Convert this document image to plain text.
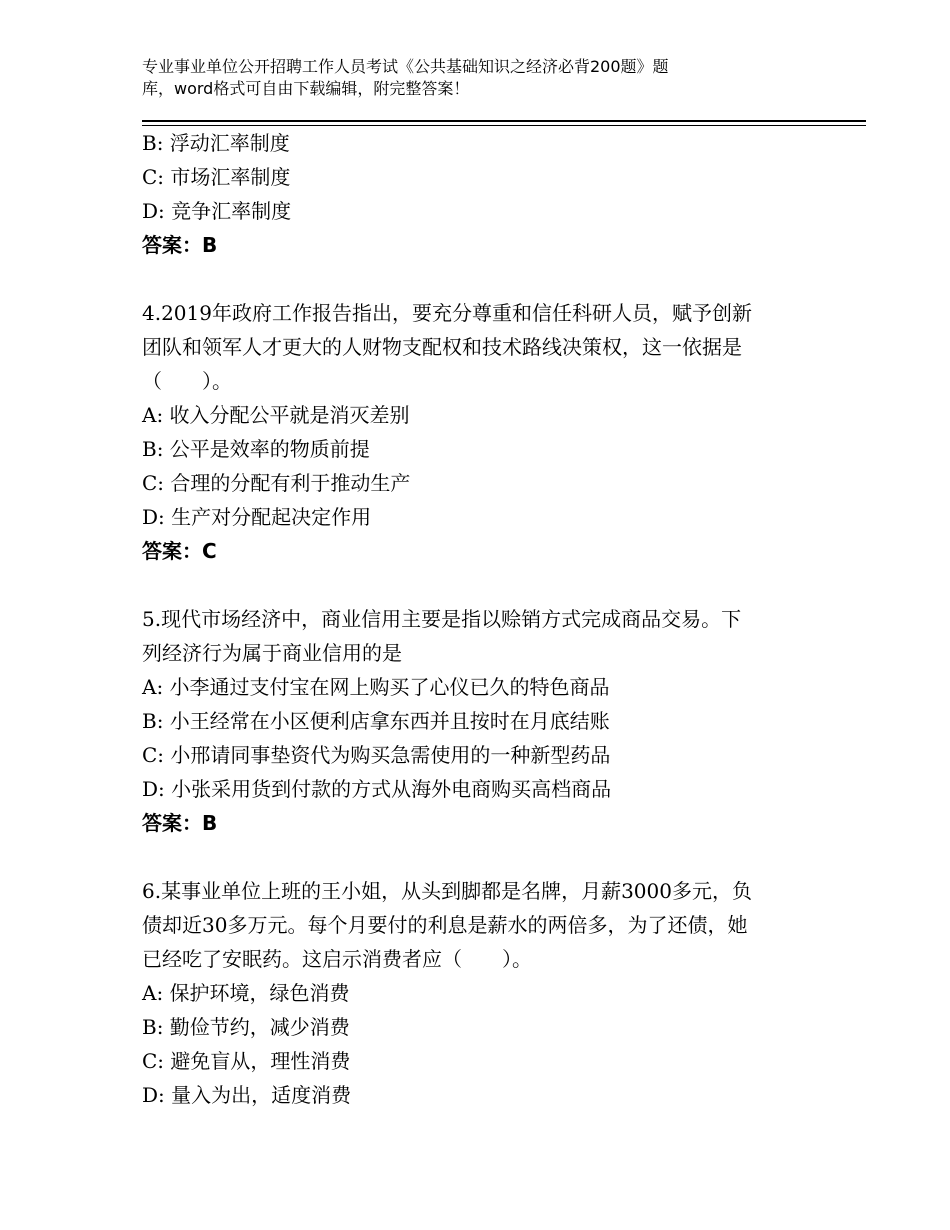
专业事业单位公开招聘工作人员考试《公共基础知识之经济必背200题》题
库，word格式可自由下载编辑，附完整答案！
B: 浮动汇率制度
C: 市场汇率制度
D: 竞争汇率制度
答案：B
4.2019年政府工作报告指出，要充分尊重和信任科研人员，赋予创新
团队和领军人才更大的人财物支配权和技术路线决策权，这一依据是
（　　）。
A: 收入分配公平就是消灭差别
B: 公平是效率的物质前提
C: 合理的分配有利于推动生产
D: 生产对分配起决定作用
答案：C
5.现代市场经济中，商业信用主要是指以赊销方式完成商品交易。下
列经济行为属于商业信用的是
A: 小李通过支付宝在网上购买了心仪已久的特色商品
B: 小王经常在小区便利店拿东西并且按时在月底结账
C: 小邢请同事垫资代为购买急需使用的一种新型药品
D: 小张采用货到付款的方式从海外电商购买高档商品
答案：B
6.某事业单位上班的王小姐，从头到脚都是名牌，月薪3000多元，负
债却近30多万元。每个月要付的利息是薪水的两倍多，为了还债，她
已经吃了安眠药。这启示消费者应（　　）。
A: 保护环境，绿色消费
B: 勤俭节约，减少消费
C: 避免盲从，理性消费
D: 量入为出，适度消费
